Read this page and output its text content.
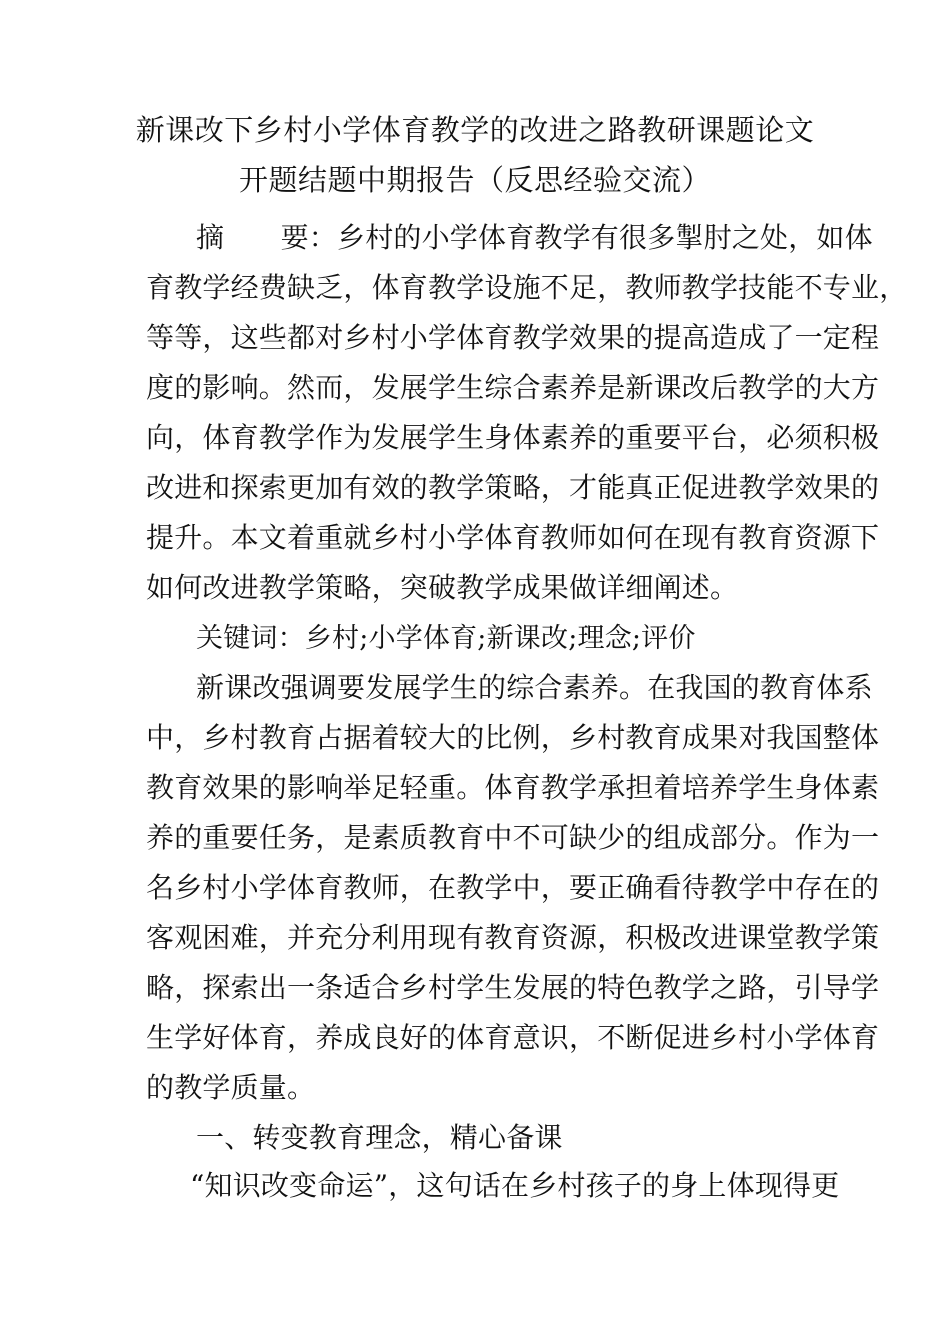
新课改下乡村小学体育教学的改进之路教研课题论文
开题结题中期报告（反思经验交流）
摘　　要：乡村的小学体育教学有很多掣肘之处，如体
育教学经费缺乏，体育教学设施不足，教师教学技能不专业，
等等，这些都对乡村小学体育教学效果的提高造成了一定程
度的影响。然而，发展学生综合素养是新课改后教学的大方
向，体育教学作为发展学生身体素养的重要平台，必须积极
改进和探索更加有效的教学策略，才能真正促进教学效果的
提升。本文着重就乡村小学体育教师如何在现有教育资源下
如何改进教学策略，突破教学成果做详细阐述。
关键词：乡村;小学体育;新课改;理念;评价
新课改强调要发展学生的综合素养。在我国的教育体系
中，乡村教育占据着较大的比例，乡村教育成果对我国整体
教育效果的影响举足轻重。体育教学承担着培养学生身体素
养的重要任务，是素质教育中不可缺少的组成部分。作为一
名乡村小学体育教师，在教学中，要正确看待教学中存在的
客观困难，并充分利用现有教育资源，积极改进课堂教学策
略，探索出一条适合乡村学生发展的特色教学之路，引导学
生学好体育，养成良好的体育意识，不断促进乡村小学体育
的教学质量。
一、转变教育理念，精心备课
“知识改变命运”，这句话在乡村孩子的身上体现得更
